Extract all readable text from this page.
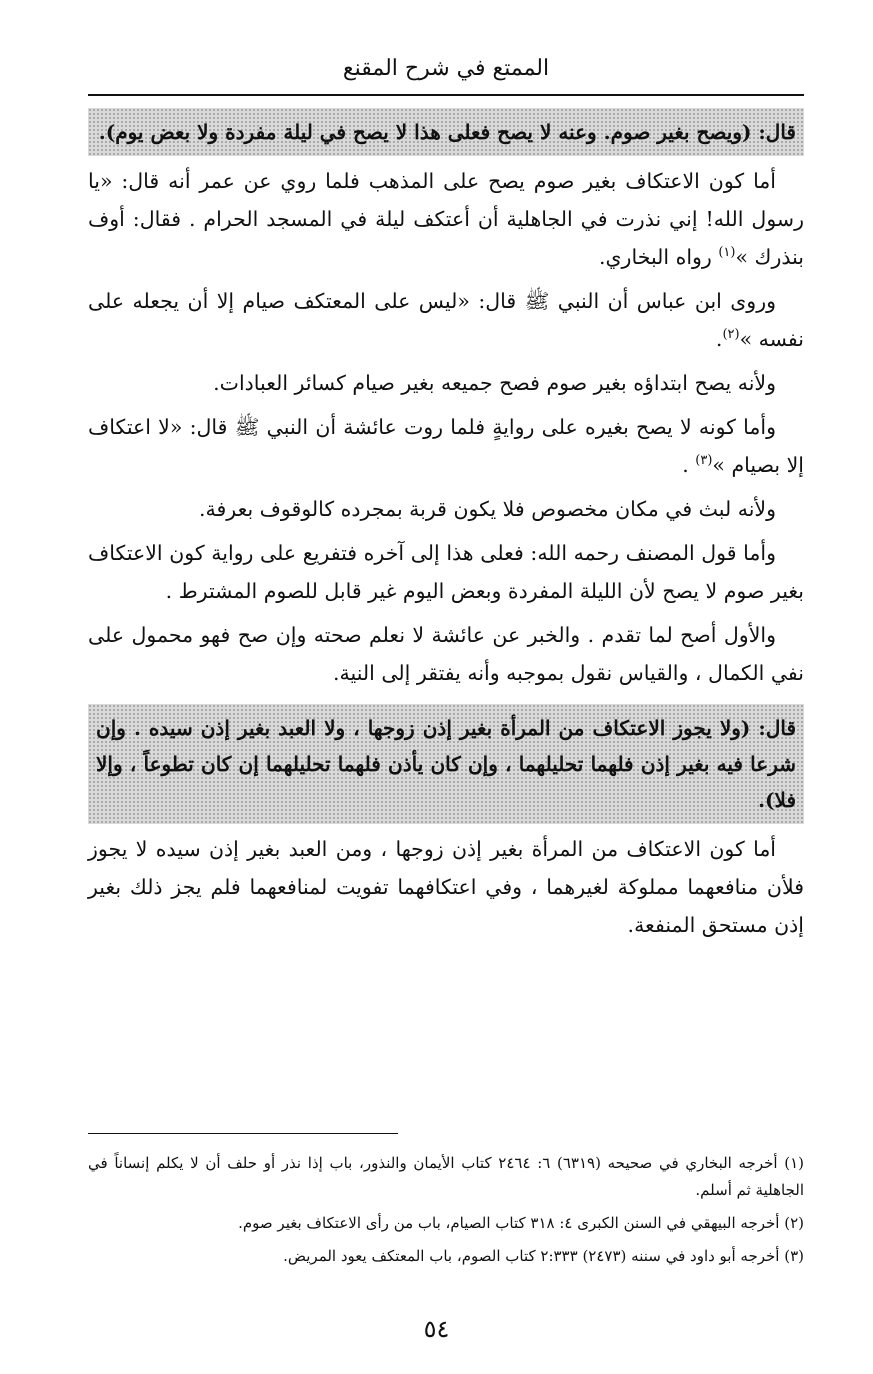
الممتع في شرح المقنع
قال: (ويصح بغير صوم. وعنه لا يصح فعلى هذا لا يصح في ليلة مفردة ولا بعض يوم).

أما كون الاعتكاف بغير صوم يصح على المذهب فلما روي عن عمر أنه قال: «يا رسول الله! إني نذرت في الجاهلية أن أعتكف ليلة في المسجد الحرام . فقال: أوف بنذرك »$^{(١)}$ رواه البخاري.

وروى ابن عباس أن النبي ﷺ قال: «ليس على المعتكف صيام إلا أن يجعله على نفسه »$^{(٢)}$.

ولأنه يصح ابتداؤه بغير صوم فصح جميعه بغير صيام كسائر العبادات.

وأما كونه لا يصح بغيره على روايةٍ فلما روت عائشة أن النبي ﷺ قال: «لا اعتكاف إلا بصيام »$^{(٣)}$ .

ولأنه لبث في مكان مخصوص فلا يكون قربة بمجرده كالوقوف بعرفة.

وأما قول المصنف رحمه الله: فعلى هذا إلى آخره فتفريع على رواية كون الاعتكاف بغير صوم لا يصح لأن الليلة المفردة وبعض اليوم غير قابل للصوم المشترط .

والأول أصح لما تقدم . والخبر عن عائشة لا نعلم صحته وإن صح فهو محمول على نفي الكمال ، والقياس نقول بموجبه وأنه يفتقر إلى النية.

قال: (ولا يجوز الاعتكاف من المرأة بغير إذن زوجها ، ولا العبد بغير إذن سيده . وإن شرعا فيه بغير إذن فلهما تحليلهما ، وإن كان يأذن فلهما تحليلهما إن كان تطوعاً ، وإلا فلا).

أما كون الاعتكاف من المرأة بغير إذن زوجها ، ومن العبد بغير إذن سيده لا يجوز فلأن منافعهما مملوكة لغيرهما ، وفي اعتكافهما تفويت لمنافعهما فلم يجز ذلك بغير إذن مستحق المنفعة.

(١) أخرجه البخاري في صحيحه (٦٣١٩) ٦: ٢٤٦٤ كتاب الأيمان والنذور، باب إذا نذر أو حلف أن لا يكلم إنساناً في الجاهلية ثم أسلم.

(٢) أخرجه البيهقي في السنن الكبرى ٤: ٣١٨ كتاب الصيام، باب من رأى الاعتكاف بغير صوم.

(٣) أخرجه أبو داود في سننه (٢٤٧٣) ٢:٣٣٣ كتاب الصوم، باب المعتكف يعود المريض.

٥٤
